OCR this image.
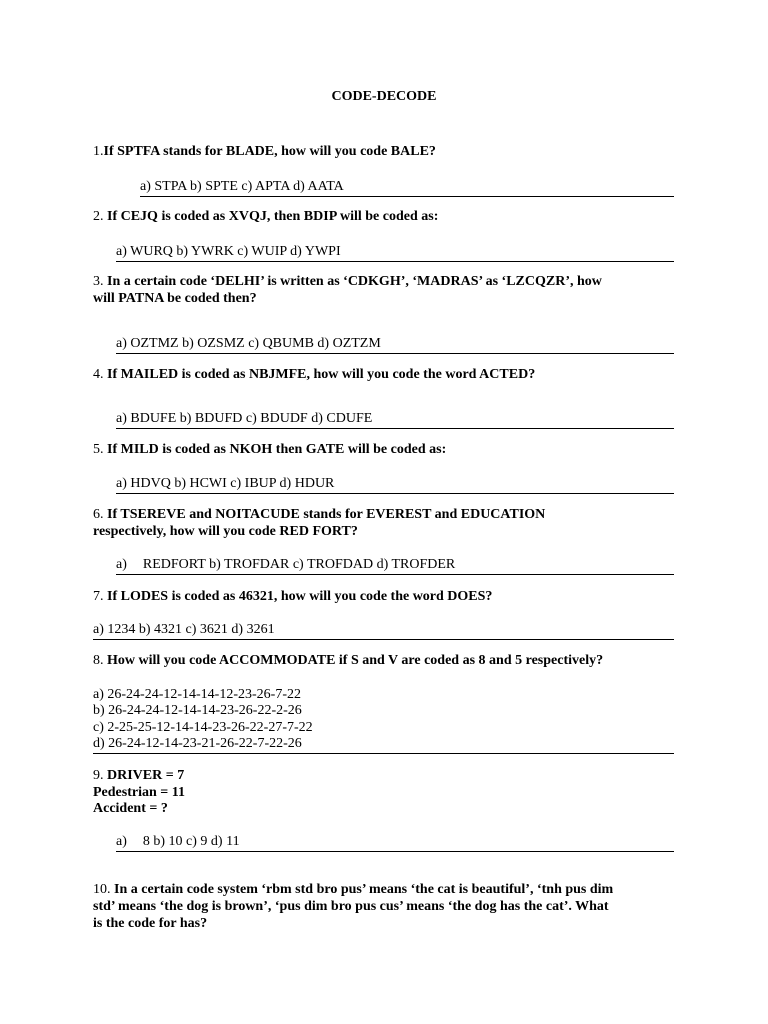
CODE-DECODE
1.If SPTFA stands for BLADE, how will you code BALE?
a) STPA b) SPTE c) APTA d) AATA
2. If CEJQ is coded as XVQJ, then BDIP will be coded as:
a) WURQ b) YWRK c) WUIP d) YWPI
3. In a certain code ‘DELHI’ is written as ‘CDKGH’, ‘MADRAS’ as ‘LZCQZR’, how
will PATNA be coded then?
a) OZTMZ b) OZSMZ c) QBUMB d) OZTZM
4. If MAILED is coded as NBJMFE, how will you code the word ACTED?
a) BDUFE b) BDUFD c) BDUDF d) CDUFE
5. If MILD is coded as NKOH then GATE will be coded as:
a) HDVQ b) HCWI c) IBUP d) HDUR
6. If TSEREVE and NOITACUDE stands for EVEREST and EDUCATION
respectively, how will you code RED FORT?
a) REDFORT b) TROFDAR c) TROFDAD d) TROFDER
7. If LODES is coded as 46321, how will you code the word DOES?
a) 1234 b) 4321 c) 3621 d) 3261
8. How will you code ACCOMMODATE if S and V are coded as 8 and 5 respectively?
a) 26-24-24-12-14-14-12-23-26-7-22
b) 26-24-24-12-14-14-23-26-22-2-26
c) 2-25-25-12-14-14-23-26-22-27-7-22
d) 26-24-12-14-23-21-26-22-7-22-26
9. DRIVER = 7
Pedestrian = 11
Accident = ?
a) 8 b) 10 c) 9 d) 11
10. In a certain code system ‘rbm std bro pus’ means ‘the cat is beautiful’, ‘tnh pus dim
std’ means ‘the dog is brown’, ‘pus dim bro pus cus’ means ‘the dog has the cat’. What
is the code for has?
